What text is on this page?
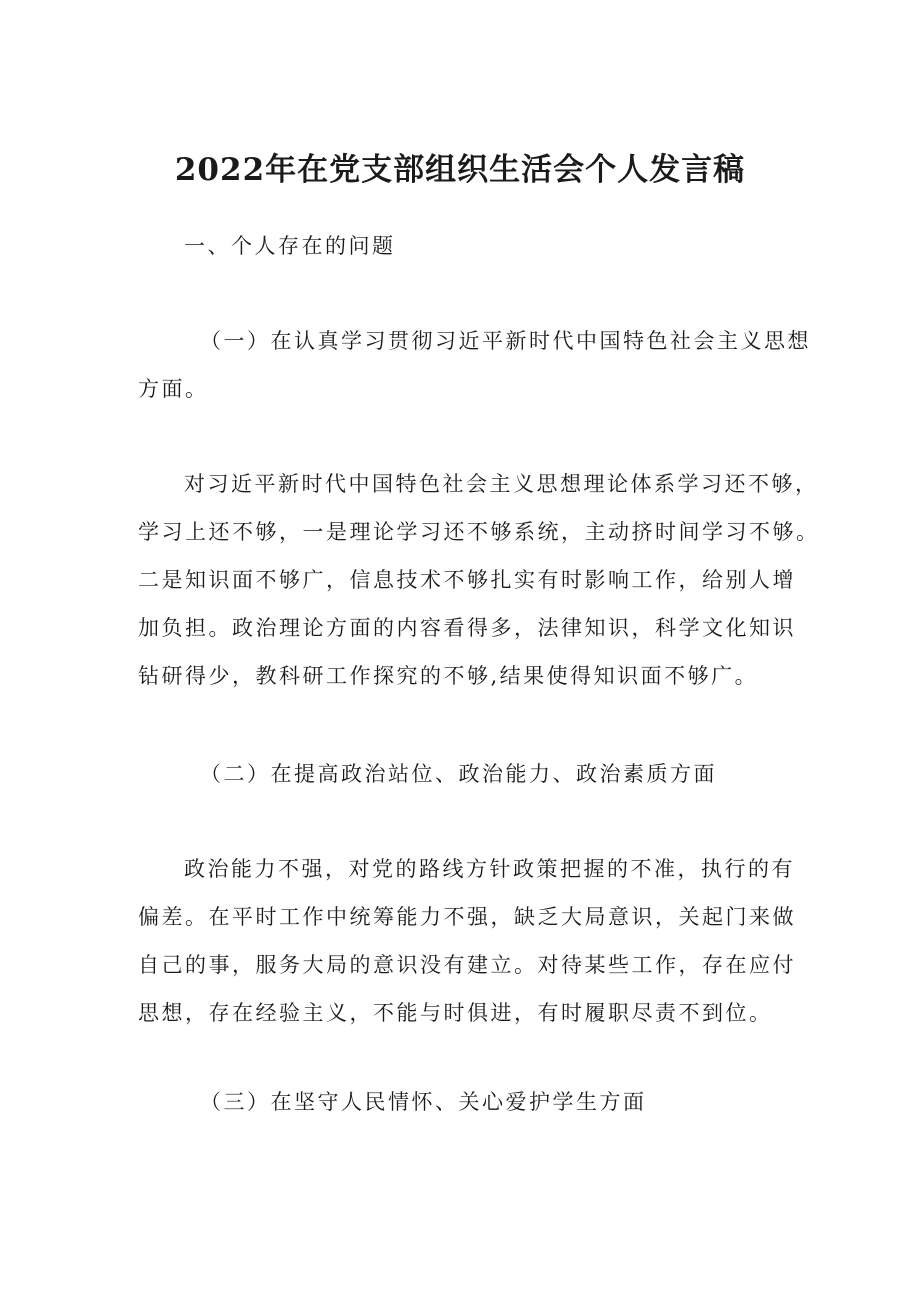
2022年在党支部组织生活会个人发言稿
一、个人存在的问题
（一）在认真学习贯彻习近平新时代中国特色社会主义思想
方面。
对习近平新时代中国特色社会主义思想理论体系学习还不够，
学习上还不够，一是理论学习还不够系统，主动挤时间学习不够。
二是知识面不够广，信息技术不够扎实有时影响工作，给别人增
加负担。政治理论方面的内容看得多，法律知识，科学文化知识
钻研得少，教科研工作探究的不够,结果使得知识面不够广。
（二）在提高政治站位、政治能力、政治素质方面
政治能力不强，对党的路线方针政策把握的不准，执行的有
偏差。在平时工作中统筹能力不强，缺乏大局意识，关起门来做
自己的事，服务大局的意识没有建立。对待某些工作，存在应付
思想，存在经验主义，不能与时俱进，有时履职尽责不到位。
（三）在坚守人民情怀、关心爱护学生方面
